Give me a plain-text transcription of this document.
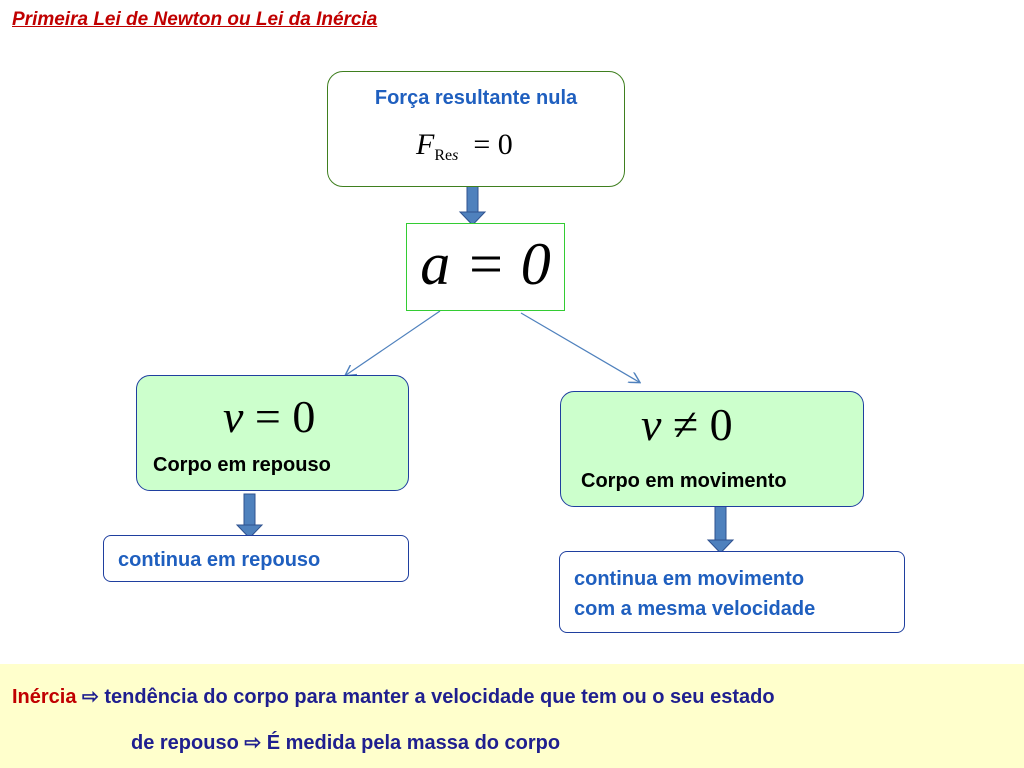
Primeira Lei de Newton ou Lei da Inércia
Força resultante nula
$F_{Res} = 0$
a = 0
v = 0
Corpo em repouso
v ≠ 0
Corpo em movimento
continua em repouso
continua em movimento
com a mesma velocidade
Inércia ⇨ tendência do corpo para manter a velocidade que tem ou o seu estado
de repouso ⇨ É medida pela massa do corpo
